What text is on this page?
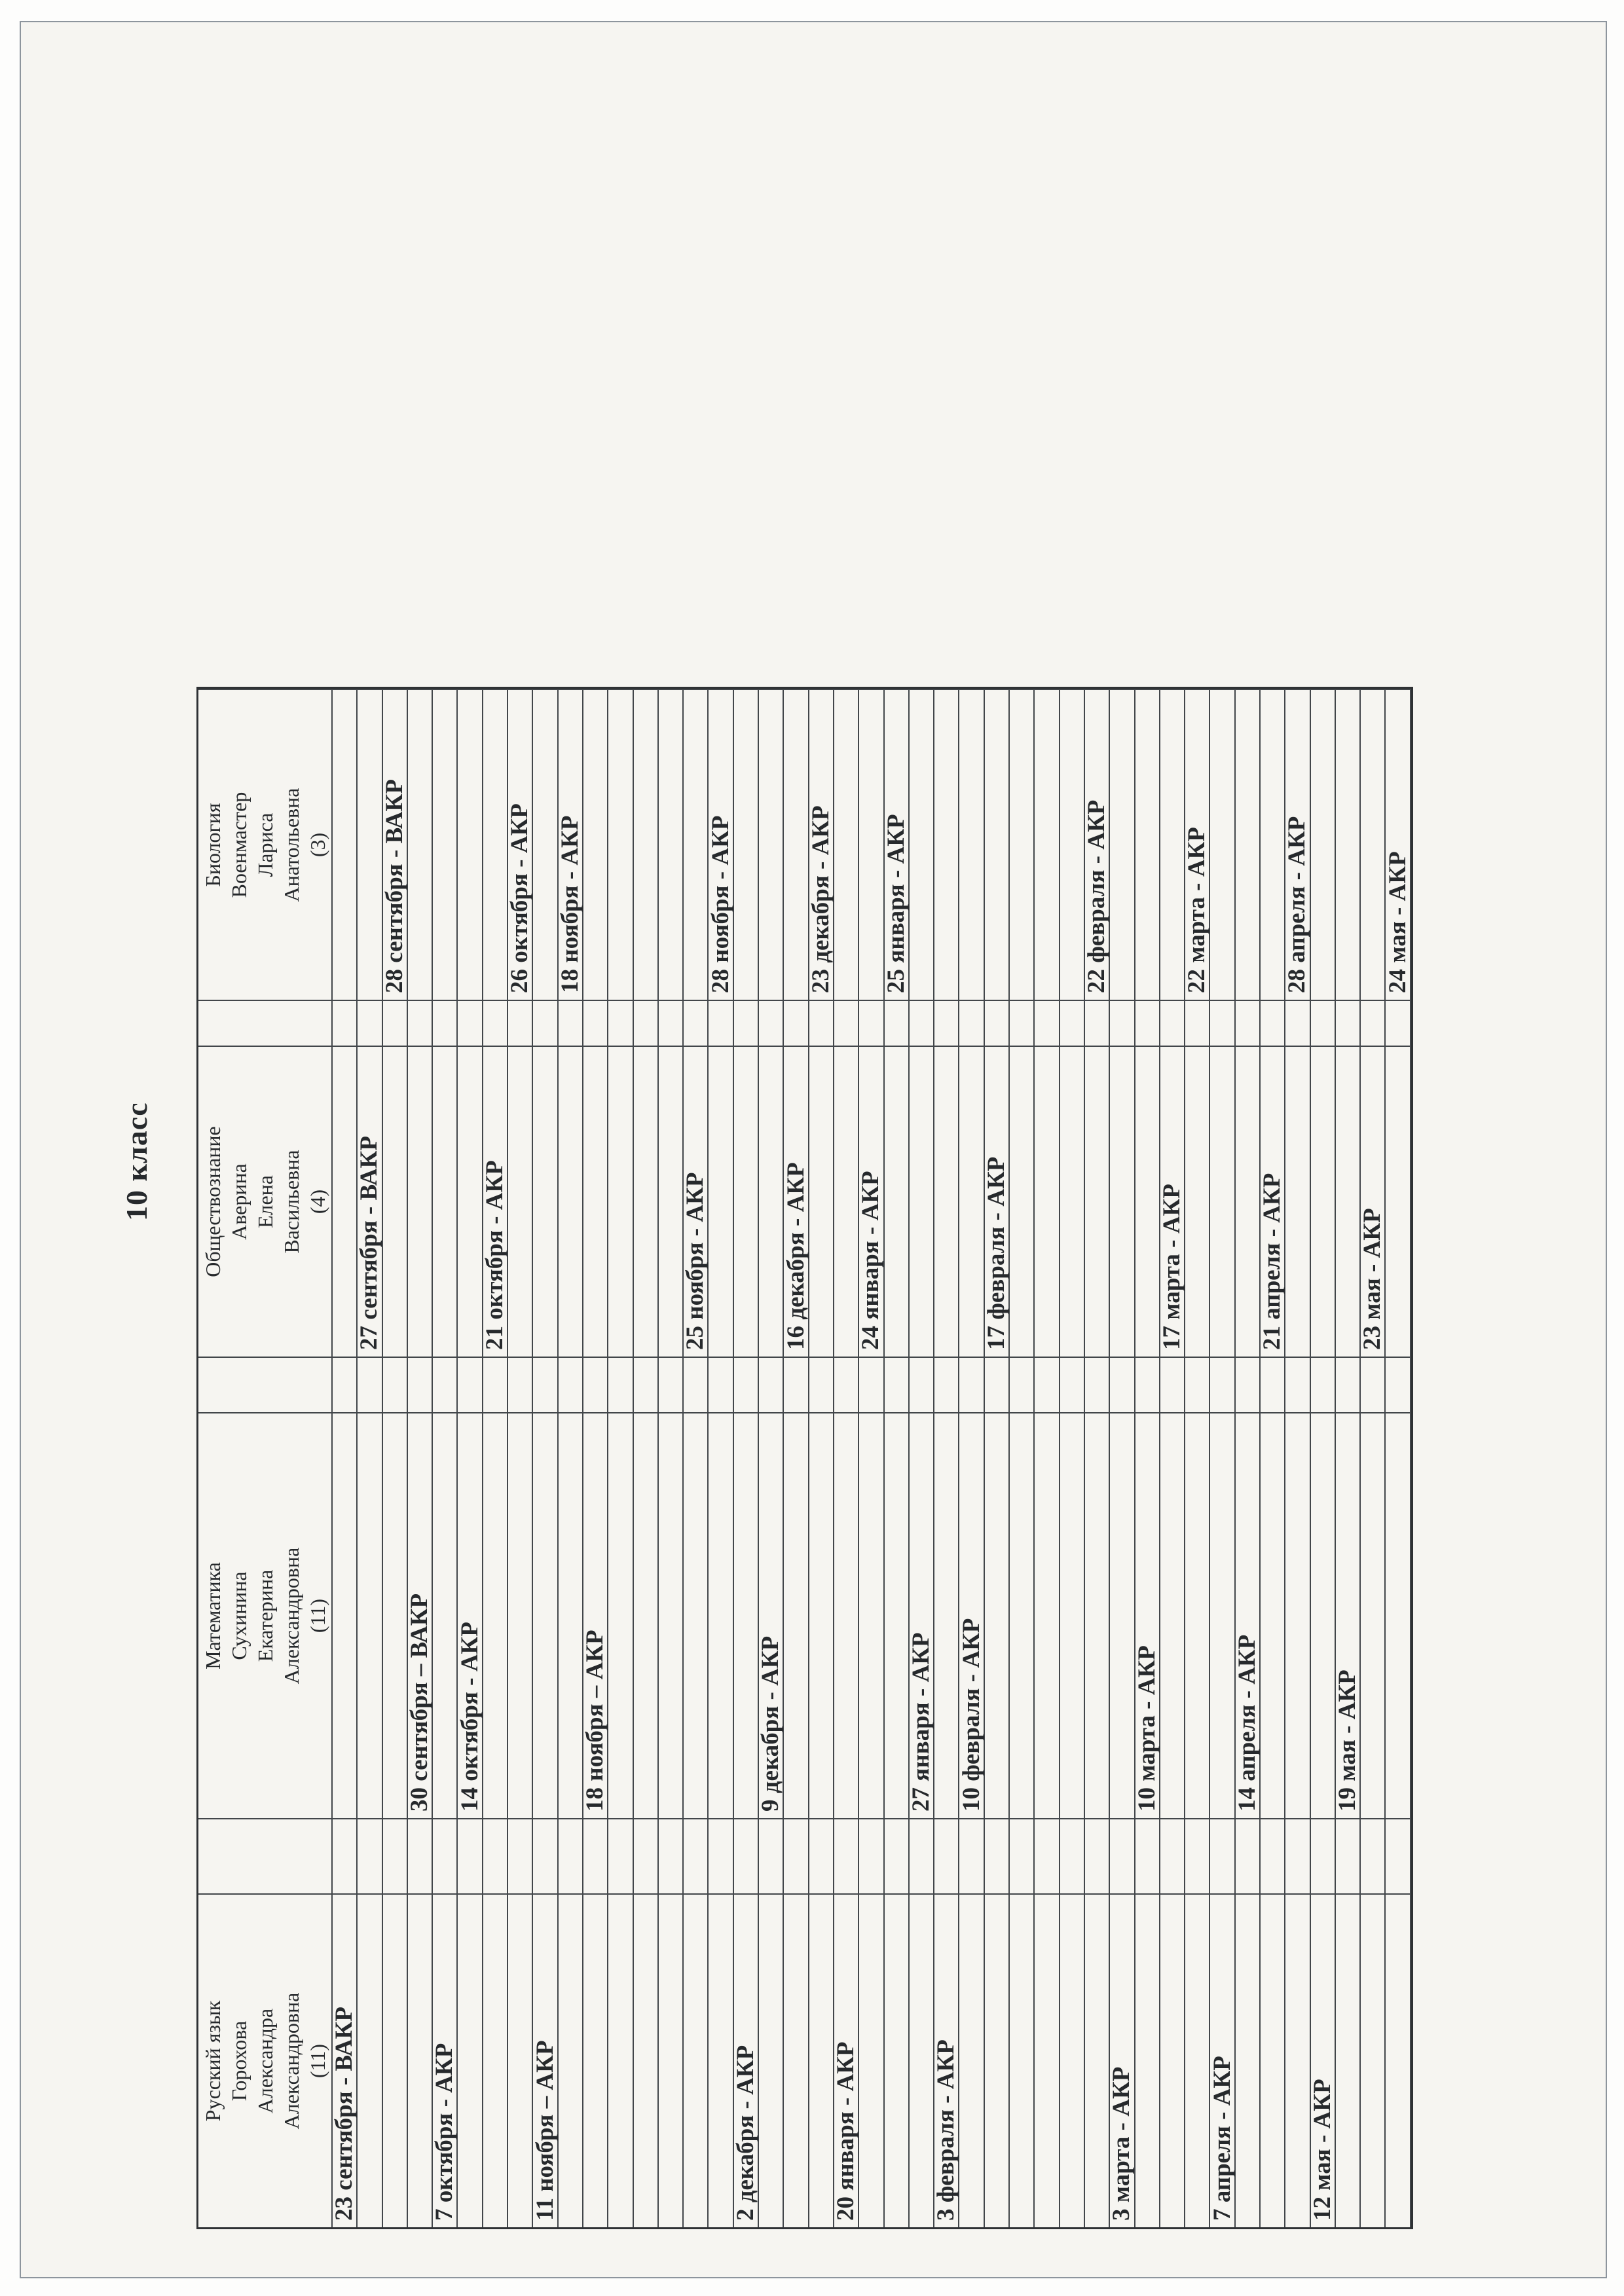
10 класс
Русский язык Горохова Александра Александровна (11)
Математика Сухинина Екатерина Александровна (11)
Обществознание Аверина Елена Васильевна (4)
Биология Военмастер Лариса Анатольевна (3)
23 сентября - ВАКР
27 сентября - ВАКР
28 сентября - ВАКР
30 сентября – ВАКР
7 октября - АКР
14 октября - АКР
21 октября - АКР
26 октября - АКР
11 ноября – АКР
18 ноября - АКР
18 ноября – АКР
25 ноября - АКР
28 ноября - АКР
2 декабря - АКР
9 декабря - АКР
16 декабря - АКР
23 декабря - АКР
20 января - АКР
24 января - АКР
25 января - АКР
27 января - АКР
3 февраля - АКР
10 февраля - АКР
17 февраля - АКР
22 февраля - АКР
3 марта - АКР
10 марта - АКР
17 марта - АКР
22 марта - АКР
7 апреля - АКР
14 апреля - АКР
21 апреля - АКР
28 апреля - АКР
12 мая - АКР
19 мая - АКР
23 мая - АКР
24 мая - АКР
